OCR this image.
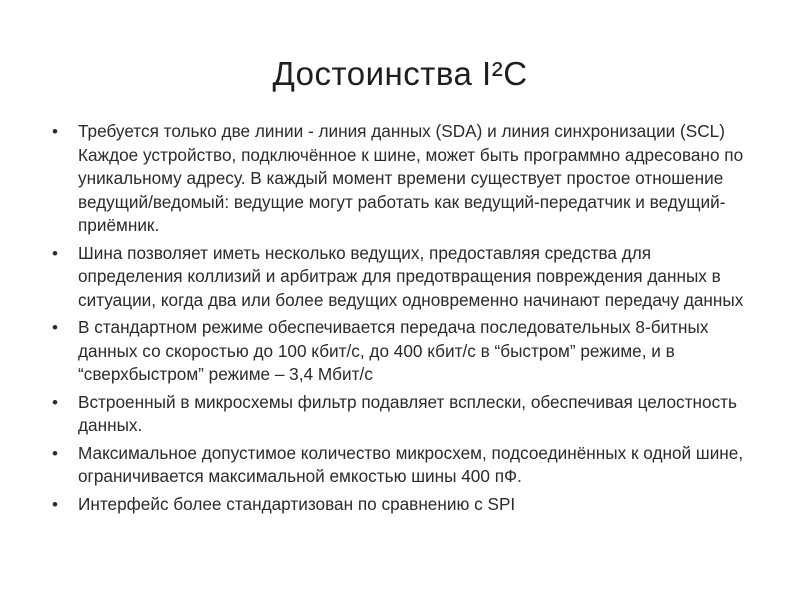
Достоинства I²C
•	Требуется только две линии - линия данных (SDA) и линия синхронизации (SCL) Каждое устройство, подключённое к шине, может быть программно адресовано по уникальному адресу. В каждый момент времени существует простое отношение ведущий/ведомый: ведущие могут работать как ведущий-передатчик и ведущий-приёмник.
•	Шина позволяет иметь несколько ведущих, предоставляя средства для определения коллизий и арбитраж для предотвращения повреждения данных в ситуации, когда два или более ведущих одновременно начинают передачу данных
•	В стандартном режиме обеспечивается передача последовательных 8-битных данных со скоростью до 100 кбит/с, до 400 кбит/с в “быстром” режиме, и в “сверхбыстром” режиме – 3,4 Мбит/с
•	Встроенный в микросхемы фильтр подавляет всплески, обеспечивая целостность данных.
•	Максимальное допустимое количество микросхем, подсоединённых к одной шине, ограничивается максимальной емкостью шины 400 пФ.
•	Интерфейс более стандартизован по сравнению с SPI
